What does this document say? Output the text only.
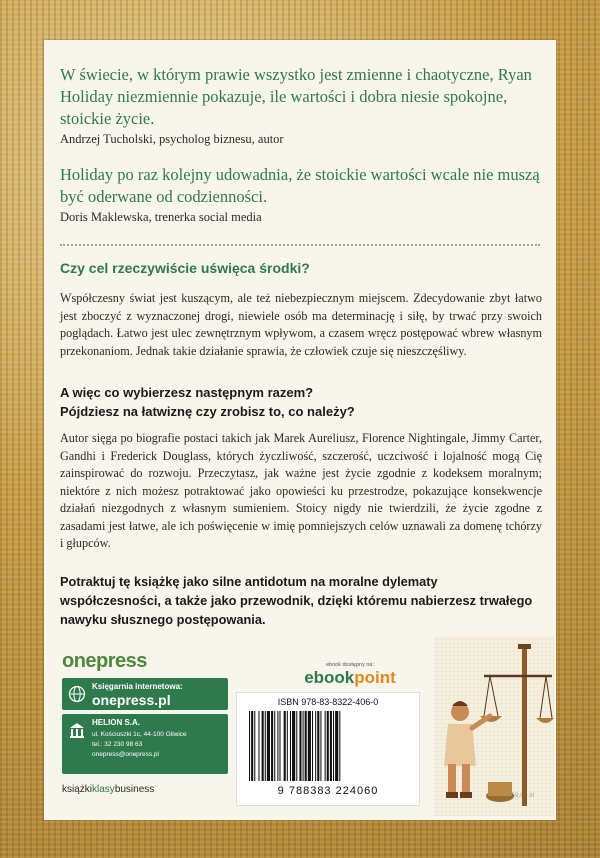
W świecie, w którym prawie wszystko jest zmienne i chaotyczne, Ryan Holiday niezmiennie pokazuje, ile wartości i dobra niesie spokojne, stoickie życie.

Andrzej Tucholski, psycholog biznesu, autor

Holiday po raz kolejny udowadnia, że stoickie wartości wcale nie muszą być oderwane od codzienności.

Doris Maklewska, trenerka social media

Czy cel rzeczywiście uświęca środki?

Współczesny świat jest kuszącym, ale też niebezpiecznym miejscem. Zdecydowanie zbyt łatwo jest zboczyć z wyznaczonej drogi, niewiele osób ma determinację i siłę, by trwać przy swoich poglądach. Łatwo jest ulec zewnętrznym wpływom, a czasem wręcz postępować wbrew własnym przekonaniom. Jednak takie działanie sprawia, że człowiek czuje się nieszczęśliwy.

A więc co wybierzesz następnym razem?
Pójdziesz na łatwiznę czy zrobisz to, co należy?

Autor sięga po biografie postaci takich jak Marek Aureliusz, Florence Nightingale, Jimmy Carter, Gandhi i Frederick Douglass, których życzliwość, szczerość, uczciwość i lojalność mogą Cię zainspirować do rozwoju. Przeczytasz, jak ważne jest życie zgodnie z kodeksem moralnym; niektóre z nich możesz potraktować jako opowieści ku przestrodze, pokazujące konsekwencje działań niezgodnych z własnym sumieniem. Stoicy nigdy nie twierdzili, że życie zgodne z zasadami jest łatwe, ale ich poświęcenie w imię pomniejszych celów uznawali za domenę tchórzy i głupców.

Potraktuj tę książkę jako silne antidotum na moralne dylematy współczesności, a także jako przewodnik, dzięki któremu nabierzesz trwałego nawyku słusznego postępowania.

onepress
Księgarnia internetowa:
onepress.pl
HELION S.A.
ul. Kościuszki 1c, 44-100 Gliwice
tel.: 32 230 98 63
onepress@onepress.pl
książkiklasybusiness
ebook dostępny na:
ebookpoint
ISBN 978-83-8322-406-0
9 788383 224060
